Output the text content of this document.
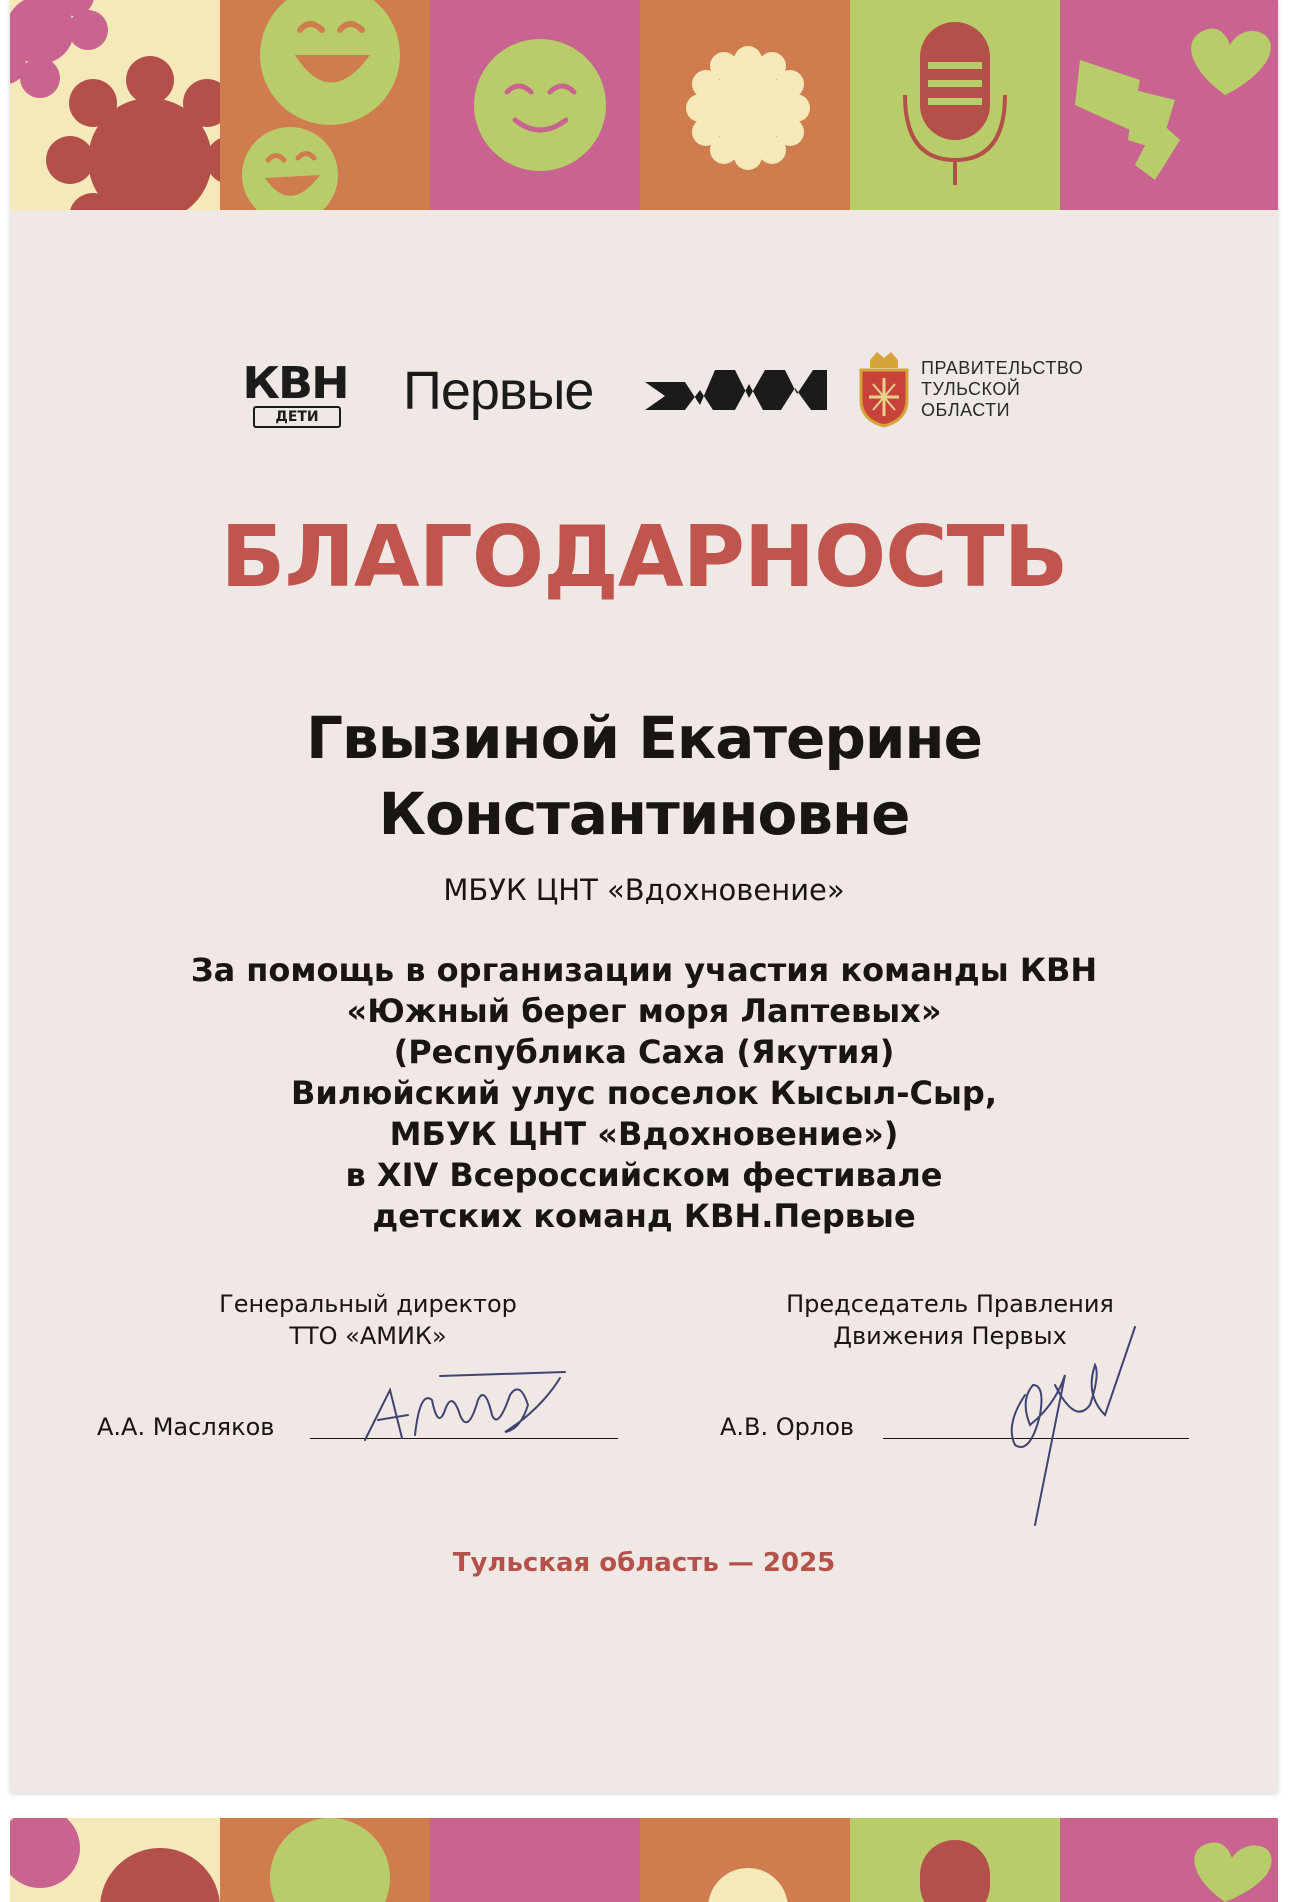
КВН
ДЕТИ	Первые	ПРАВИТЕЛЬСТВО
ТУЛЬСКОЙ
ОБЛАСТИ
БЛАГОДАРНОСТЬ
Гвызиной Екатерине
Константиновне
МБУК ЦНТ «Вдохновение»
За помощь в организации участия команды КВН
«Южный берег моря Лаптевых»
(Республика Саха (Якутия)
Вилюйский улус поселок Кысыл-Сыр,
МБУК ЦНТ «Вдохновение»)
в XIV Всероссийском фестивале
детских команд КВН.Первые
Генеральный директор
ТТО «АМИК»
А.А. Масляков
Председатель Правления
Движения Первых
А.В. Орлов
Тульская область — 2025
